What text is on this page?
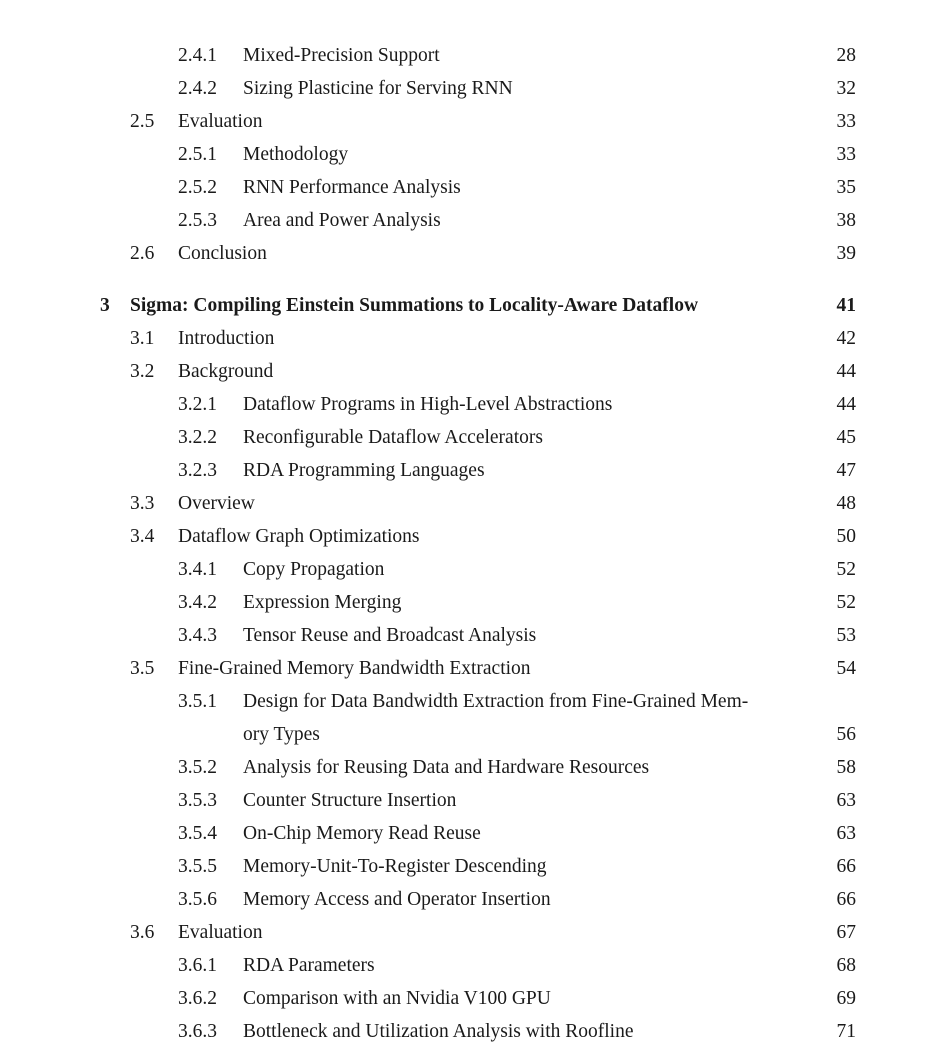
2.4.1 Mixed-Precision Support	28
2.4.2 Sizing Plasticine for Serving RNN	32
2.5 Evaluation	33
2.5.1 Methodology	33
2.5.2 RNN Performance Analysis	35
2.5.3 Area and Power Analysis	38
2.6 Conclusion	39
3 Sigma: Compiling Einstein Summations to Locality-Aware Dataflow	41
3.1 Introduction	42
3.2 Background	44
3.2.1 Dataflow Programs in High-Level Abstractions	44
3.2.2 Reconfigurable Dataflow Accelerators	45
3.2.3 RDA Programming Languages	47
3.3 Overview	48
3.4 Dataflow Graph Optimizations	50
3.4.1 Copy Propagation	52
3.4.2 Expression Merging	52
3.4.3 Tensor Reuse and Broadcast Analysis	53
3.5 Fine-Grained Memory Bandwidth Extraction	54
3.5.1 Design for Data Bandwidth Extraction from Fine-Grained Mem-
ory Types	56
3.5.2 Analysis for Reusing Data and Hardware Resources	58
3.5.3 Counter Structure Insertion	63
3.5.4 On-Chip Memory Read Reuse	63
3.5.5 Memory-Unit-To-Register Descending	66
3.5.6 Memory Access and Operator Insertion	66
3.6 Evaluation	67
3.6.1 RDA Parameters	68
3.6.2 Comparison with an Nvidia V100 GPU	69
3.6.3 Bottleneck and Utilization Analysis with Roofline	71
